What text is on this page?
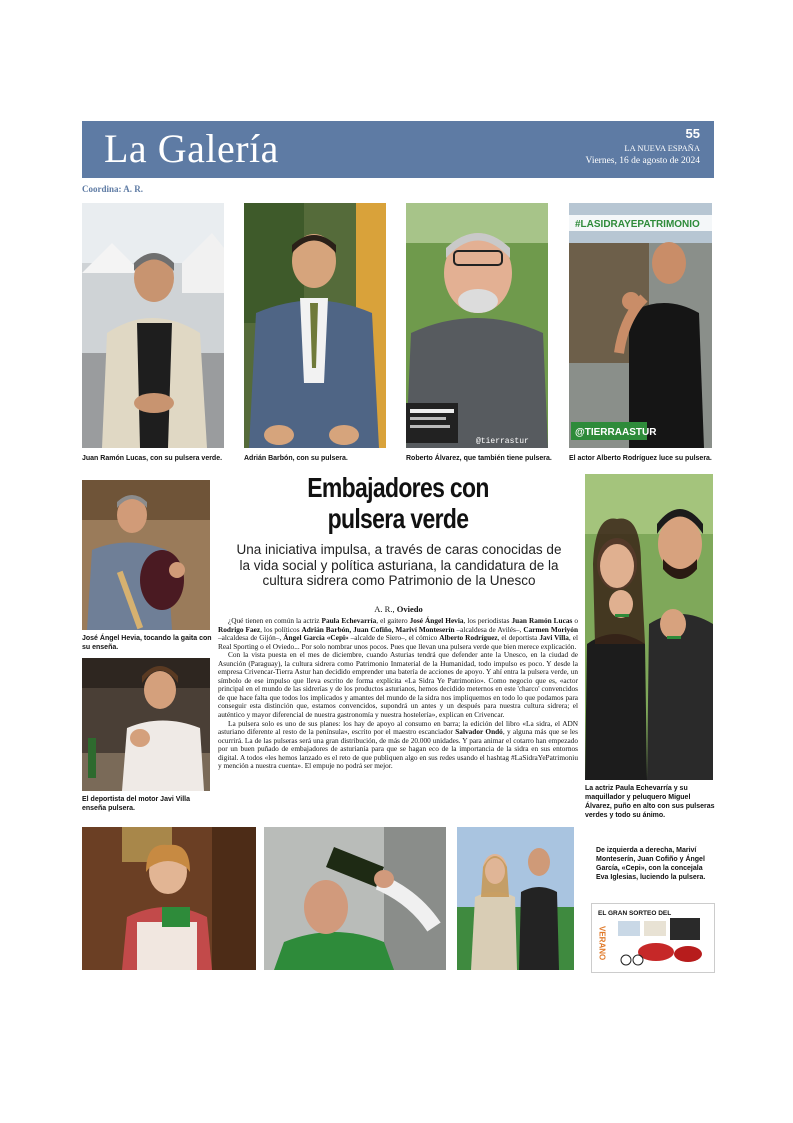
La Galería	55
LA NUEVA ESPAÑA
Viernes, 16 de agosto de 2024
Coordina: A. R.
Juan Ramón Lucas, con su pulsera verde.	Adrián Barbón, con su pulsera.
@tierrastur
Roberto Álvarez, que también tiene pulsera.
#LASIDRAYEPATRIMONIO
@TIERRAASTUR
El actor Alberto Rodríguez luce su pulsera.
José Ángel Hevia, tocando la gaita con su enseña.
El deportista del motor Javi Villa enseña pulsera.
La actriz Paula Echevarría y su maquillador y peluquero Miguel Álvarez, puño en alto con sus pulseras verdes y todo su ánimo.
Embajadores con
pulsera verde
Una iniciativa impulsa, a través de caras conocidas de la vida social y política asturiana, la candidatura de la cultura sidrera como Patrimonio de la Unesco
A. R., Oviedo

¿Qué tienen en común la actriz Paula Echevarría, el gaitero José Ángel Hevia, los periodistas Juan Ramón Lucas o Rodrigo Faez, los políticos Adrián Barbón, Juan Cofiño, Mariví Monteserín –alcaldesa de Avilés–, Carmen Moriyón –alcaldesa de Gijón–, Ángel García «Cepi» –alcalde de Siero–, el cómico Alberto Rodríguez, el deportista Javi Villa, el Real Sporting o el Oviedo... Por solo nombrar unos pocos. Pues que llevan una pulsera verde que bien merece explicación.

Con la vista puesta en el mes de diciembre, cuando Asturias tendrá que defender ante la Unesco, en la ciudad de Asunción (Paraguay), la cultura sidrera como Patrimonio Inmaterial de la Humanidad, todo impulso es poco. Y desde la empresa Crivencar-Tierra Astur han decidido emprender una batería de acciones de apoyo. Y ahí entra la pulsera verde, un símbolo de ese impulso que lleva escrito de forma explícita «La Sidra Ye Patrimonio». Como negocio que es, «actor principal en el mundo de las sidrerías y de los productos asturianos, hemos decidido meternos en este 'charco' convencidos de que hace falta que todos los implicados y amantes del mundo de la sidra nos impliquemos en todo lo que podamos para conseguir esta distinción que, estamos convencidos, supondrá un antes y un después para nuestra cultura sidrera; el auténtico y mayor diferencial de nuestra gastronomía y nuestra hostelería», explican en Crivencar.

La pulsera solo es uno de sus planes: los hay de apoyo al consumo en barra; la edición del libro «La sidra, el ADN asturiano diferente al resto de la península», escrito por el maestro escanciador Salvador Ondó, y alguna más que se les ocurrirá. La de las pulseras será una gran distribución, de más de 20.000 unidades. Y para animar el cotarro han empezado por un buen puñado de embajadores de asturianía para que se hagan eco de la importancia de la sidra en sus entornos digital. A todos «les hemos lanzado es el reto de que publiquen algo en sus redes usando el hashtag #LaSidraYePatrimoniu y mención a nuestra cuenta». El empuje no podrá ser mejor.

De izquierda a derecha, Mariví Monteserín, Juan Cofiño y Ángel García, «Cepi», con la concejala Eva Iglesias, luciendo la pulsera.
EL GRAN SORTEO DEL
VERANO
